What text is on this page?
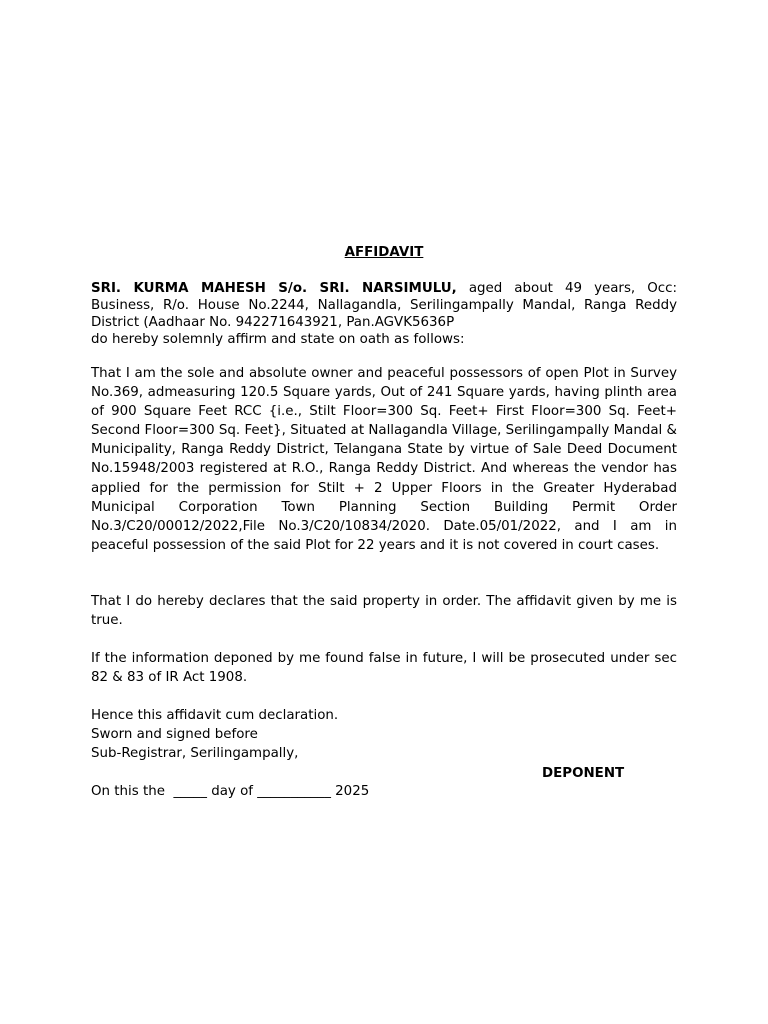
AFFIDAVIT
SRI. KURMA MAHESH S/o. SRI. NARSIMULU, aged about 49 years, Occ:
Business, R/o. House No.2244, Nallagandla, Serilingampally Mandal, Ranga Reddy
District (Aadhaar No. 942271643921, Pan.AGVK5636P
do hereby solemnly affirm and state on oath as follows:
That I am the sole and absolute owner and peaceful possessors of open Plot in Survey No.369, admeasuring 120.5 Square yards, Out of 241 Square yards, having plinth area of 900 Square Feet RCC {i.e., Stilt Floor=300 Sq. Feet+ First Floor=300 Sq. Feet+ Second Floor=300 Sq. Feet}, Situated at Nallagandla Village, Serilingampally Mandal & Municipality, Ranga Reddy District, Telangana State by virtue of Sale Deed Document No.15948/2003 registered at R.O., Ranga Reddy District. And whereas the vendor has applied for the permission for Stilt + 2 Upper Floors in the Greater Hyderabad Municipal Corporation Town Planning Section Building Permit Order No.3/C20/00012/2022,File No.3/C20/10834/2020. Date.05/01/2022, and I am in peaceful possession of the said Plot for 22 years and it is not covered in court cases.
That I do hereby declares that the said property in order. The affidavit given by me is true.
If the information deponed by me found false in future, I will be prosecuted under sec 82 & 83 of IR Act 1908.
Hence this affidavit cum declaration.
Sworn and signed before
Sub-Registrar, Serilingampally,
DEPONENT
On this the  _____ day of ___________ 2025
